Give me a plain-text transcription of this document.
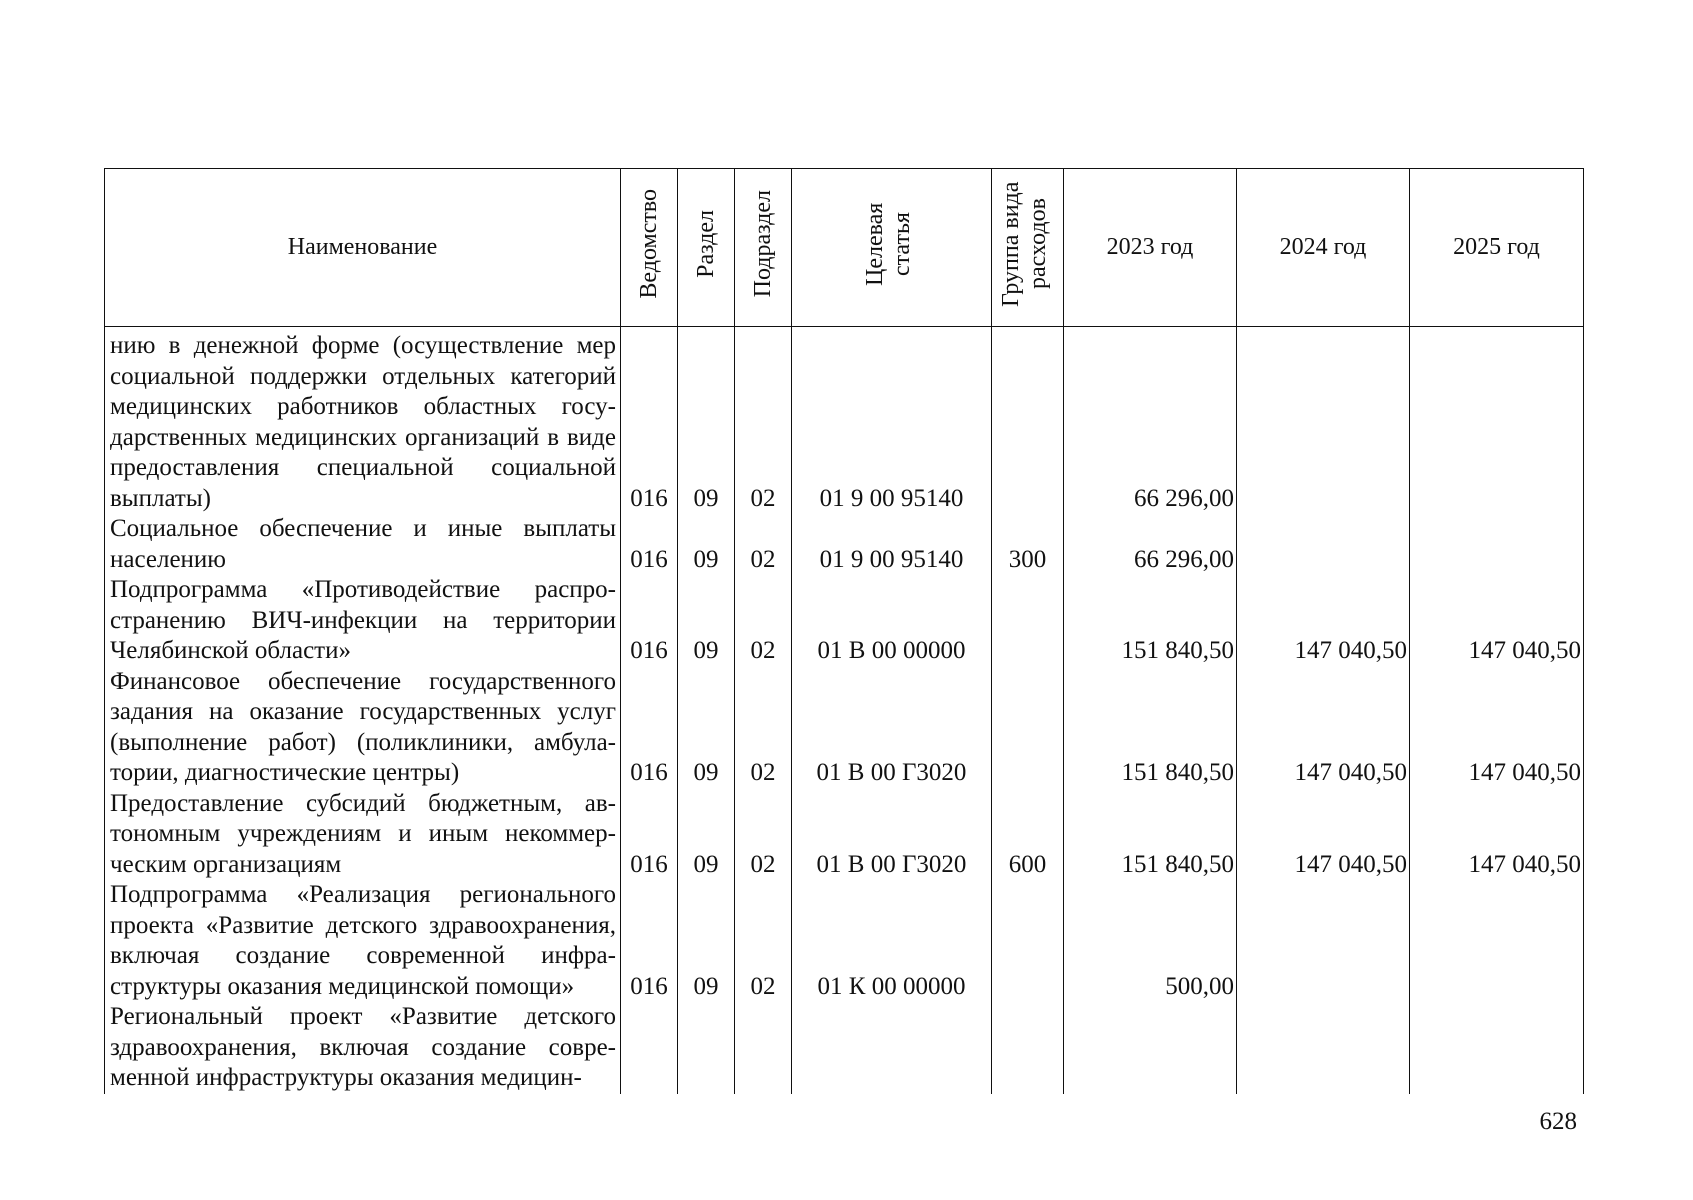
Наименование	Ведомство	Раздел	Подраздел	Целевая статья	Группа вида расходов	2023 год	2024 год	2025 год
нию в денежной форме (осуществление мер социальной поддержки отдельных категорий медицинских работников областных государственных медицинских организаций в виде предоставления специальной социальной выплаты)	016	09	02	01 9 00 95140		66 296,00		
Социальное обеспечение и иные выплаты населению	016	09	02	01 9 00 95140	300	66 296,00		
Подпрограмма «Противодействие распространению ВИЧ-инфекции на территории Челябинской области»	016	09	02	01 В 00 00000		151 840,50	147 040,50	147 040,50
Финансовое обеспечение государственного задания на оказание государственных услуг (выполнение работ) (поликлиники, амбулатории, диагностические центры)	016	09	02	01 В 00 Г3020		151 840,50	147 040,50	147 040,50
Предоставление субсидий бюджетным, автономным учреждениям и иным некоммерческим организациям	016	09	02	01 В 00 Г3020	600	151 840,50	147 040,50	147 040,50
Подпрограмма «Реализация регионального проекта «Развитие детского здравоохранения, включая создание современной инфраструктуры оказания медицинской помощи»	016	09	02	01 К 00 00000		500,00		
Региональный проект «Развитие детского здравоохранения, включая создание современной инфраструктуры оказания медицин-								
628
